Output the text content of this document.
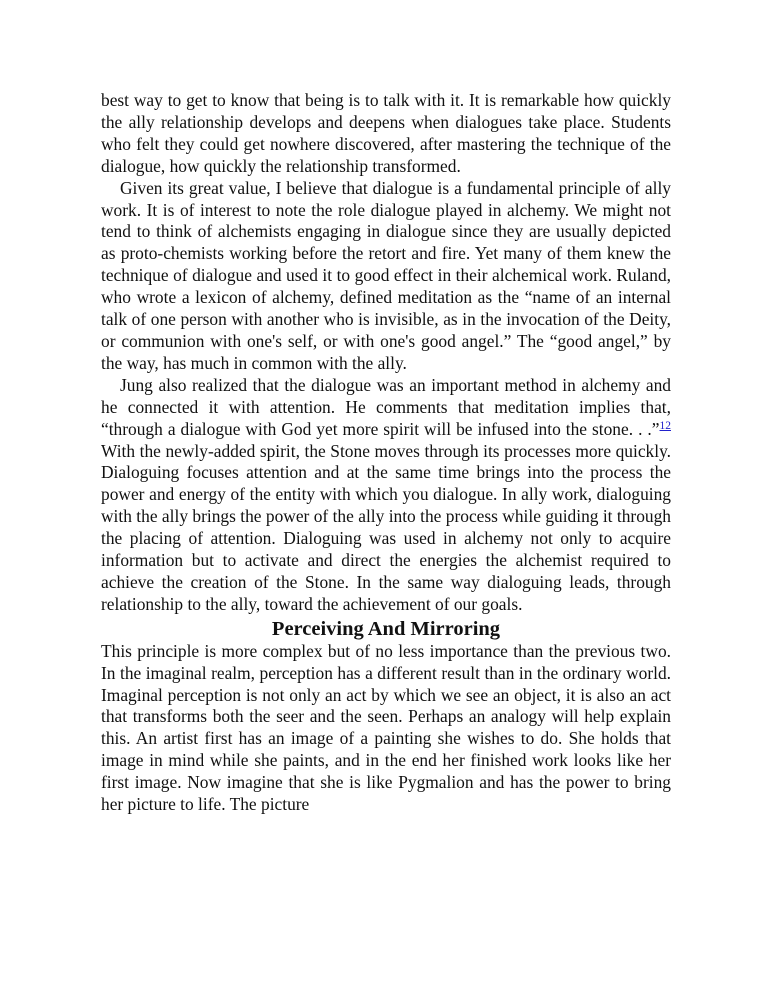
best way to get to know that being is to talk with it. It is remarkable how quickly the ally relationship develops and deepens when dialogues take place. Students who felt they could get nowhere discovered, after mastering the technique of the dialogue, how quickly the relationship transformed.

Given its great value, I believe that dialogue is a fundamental principle of ally work. It is of interest to note the role dialogue played in alchemy. We might not tend to think of alchemists engaging in dialogue since they are usually depicted as proto-chemists working before the retort and fire. Yet many of them knew the technique of dialogue and used it to good effect in their alchemical work. Ruland, who wrote a lexicon of alchemy, defined meditation as the “name of an internal talk of one person with another who is invisible, as in the invocation of the Deity, or communion with one's self, or with one's good angel.” The “good angel,” by the way, has much in common with the ally.

Jung also realized that the dialogue was an important method in alchemy and he connected it with attention. He comments that meditation implies that, “through a dialogue with God yet more spirit will be infused into the stone. . .”$^{12}$ With the newly-added spirit, the Stone moves through its processes more quickly. Dialoguing focuses attention and at the same time brings into the process the power and energy of the entity with which you dialogue. In ally work, dialoguing with the ally brings the power of the ally into the process while guiding it through the placing of attention. Dialoguing was used in alchemy not only to acquire information but to activate and direct the energies the alchemist required to achieve the creation of the Stone. In the same way dialoguing leads, through relationship to the ally, toward the achievement of our goals.

Perceiving And Mirroring

This principle is more complex but of no less importance than the previous two. In the imaginal realm, perception has a different result than in the ordinary world. Imaginal perception is not only an act by which we see an object, it is also an act that transforms both the seer and the seen. Perhaps an analogy will help explain this. An artist first has an image of a painting she wishes to do. She holds that image in mind while she paints, and in the end her finished work looks like her first image. Now imagine that she is like Pygmalion and has the power to bring her picture to life. The picture
